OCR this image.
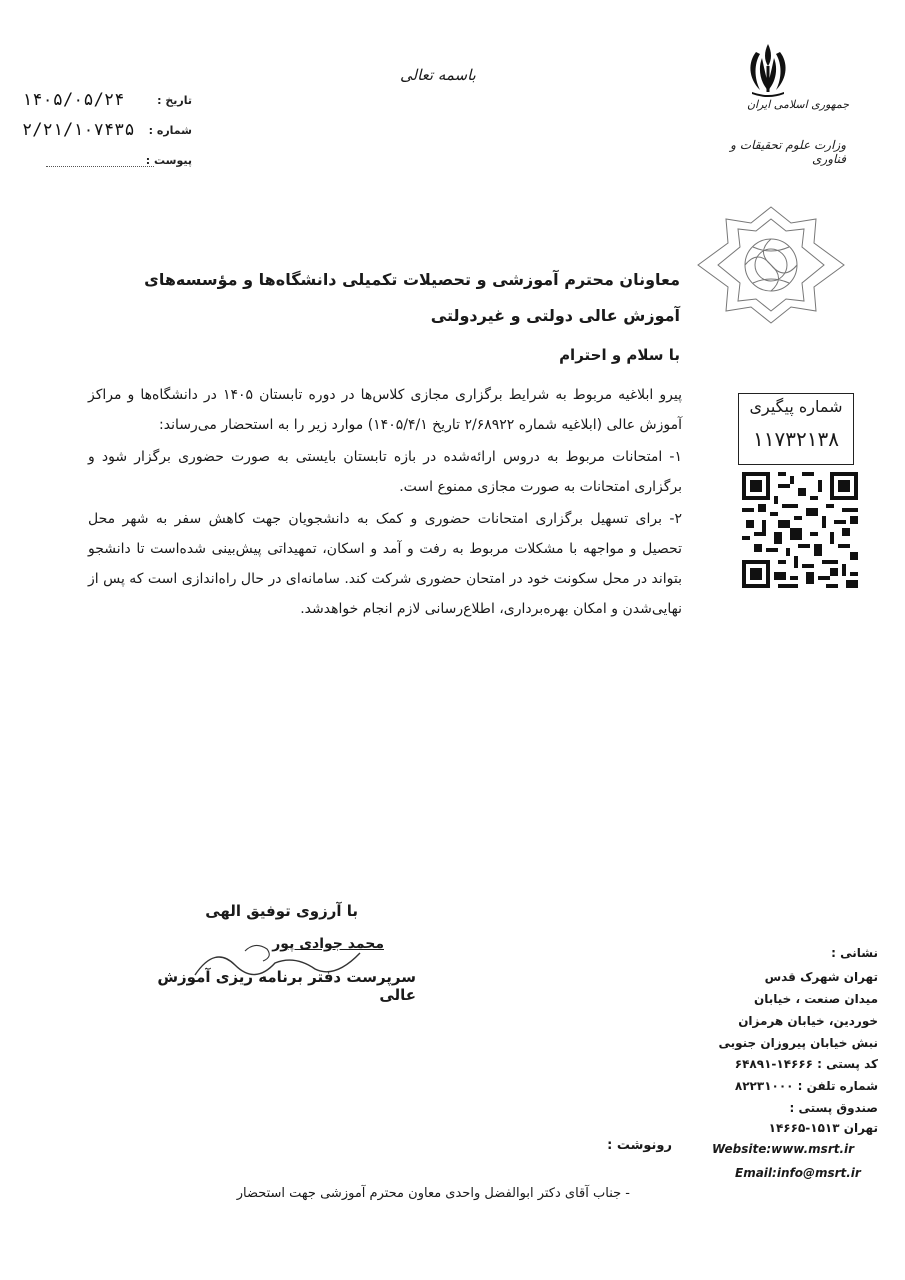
باسمه تعالی
تاریخ :
۱۴۰۵/۰۵/۲۴
شماره :
۲/۲۱/۱۰۷۴۳۵
پیوست :
جمهوری اسلامی ایران
وزارت علوم تحقیقات و فناوری
معاونان محترم آموزشی و تحصیلات تکمیلی دانشگاه‌ها و مؤسسه‌های آموزش عالی دولتی و غیردولتی
با سلام و احترام
پیرو ابلاغیه مربوط به شرایط برگزاری مجازی کلاس‌ها در دوره تابستان ۱۴۰۵ در دانشگاه‌ها و مراکز آموزش عالی (ابلاغیه شماره ۲/۶۸۹۲۲ تاریخ ۱۴۰۵/۴/۱) موارد زیر را به استحضار می‌رساند:
۱- امتحانات مربوط به دروس ارائه‌شده در بازه تابستان بایستی به صورت حضوری برگزار شود و برگزاری امتحانات به صورت مجازی ممنوع است.
۲- برای تسهیل برگزاری امتحانات حضوری و کمک به دانشجویان جهت کاهش سفر به شهر محل تحصیل و مواجهه با مشکلات مربوط به رفت و آمد و اسکان، تمهیداتی پیش‌بینی شده‌است تا دانشجو بتواند در محل سکونت خود در امتحان حضوری شرکت کند. سامانه‌ای در حال راه‌اندازی است که پس از نهایی‌شدن و امکان بهره‌برداری، اطلاع‌رسانی لازم انجام خواهدشد.
شماره پیگیری
۱۱۷۳۲۱۳۸
با آرزوی توفیق الهی
محمد جوادی پور
سرپرست دفتر برنامه ریزی آموزش عالی
نشانی :
تهران شهرک قدس
میدان صنعت ، خیابان
خوردین، خیابان هرمزان
نبش خیابان پیروزان جنوبی
کد پستی : ۱۴۶۶۶-۶۴۸۹۱
شماره تلفن : ۸۲۲۳۱۰۰۰
صندوق پستی :
تهران ۱۵۱۳-۱۴۶۶۵
Website:www.msrt.ir
Email:info@msrt.ir
رونوشت :
- جناب آقای دکتر ابوالفضل واحدی معاون محترم آموزشی جهت استحضار
